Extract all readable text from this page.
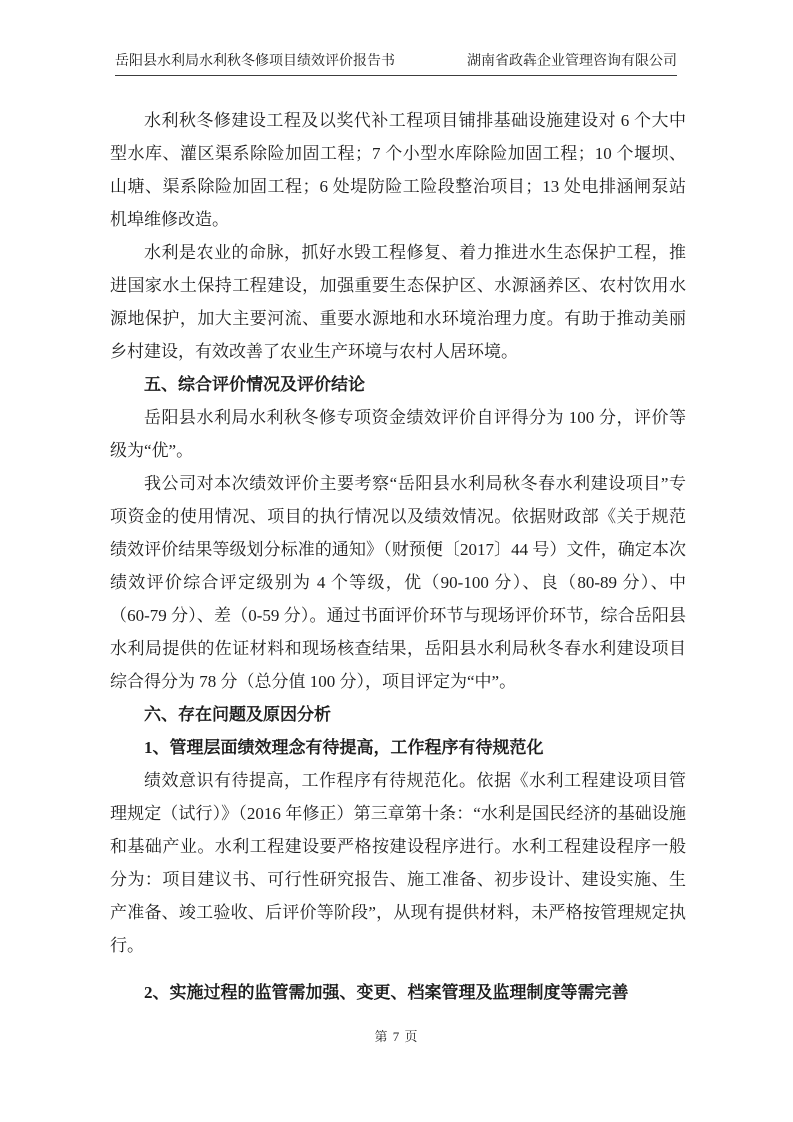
岳阳县水利局水利秋冬修项目绩效评价报告书	湖南省政犇企业管理咨询有限公司

水利秋冬修建设工程及以奖代补工程项目铺排基础设施建设对 6 个大中型水库、灌区渠系除险加固工程；7 个小型水库除险加固工程；10 个堰坝、山塘、渠系除险加固工程；6 处堤防险工险段整治项目；13 处电排涵闸泵站机埠维修改造。

水利是农业的命脉，抓好水毁工程修复、着力推进水生态保护工程，推进国家水土保持工程建设，加强重要生态保护区、水源涵养区、农村饮用水源地保护，加大主要河流、重要水源地和水环境治理力度。有助于推动美丽乡村建设，有效改善了农业生产环境与农村人居环境。

五、综合评价情况及评价结论

岳阳县水利局水利秋冬修专项资金绩效评价自评得分为 100 分，评价等级为“优”。

我公司对本次绩效评价主要考察“岳阳县水利局秋冬春水利建设项目”专项资金的使用情况、项目的执行情况以及绩效情况。依据财政部《关于规范绩效评价结果等级划分标准的通知》（财预便〔2017〕44 号）文件，确定本次绩效评价综合评定级别为 4 个等级，优（90-100 分）、良（80-89 分）、中（60-79 分）、差（0-59 分）。通过书面评价环节与现场评价环节，综合岳阳县水利局提供的佐证材料和现场核查结果，岳阳县水利局秋冬春水利建设项目综合得分为 78 分（总分值 100 分），项目评定为“中”。

六、存在问题及原因分析
1、管理层面绩效理念有待提高，工作程序有待规范化

绩效意识有待提高，工作程序有待规范化。依据《水利工程建设项目管理规定（试行）》（2016 年修正）第三章第十条：“水利是国民经济的基础设施和基础产业。水利工程建设要严格按建设程序进行。水利工程建设程序一般分为：项目建议书、可行性研究报告、施工准备、初步设计、建设实施、生产准备、竣工验收、后评价等阶段”，从现有提供材料，未严格按管理规定执行。

2、实施过程的监管需加强、变更、档案管理及监理制度等需完善
第 7 页
